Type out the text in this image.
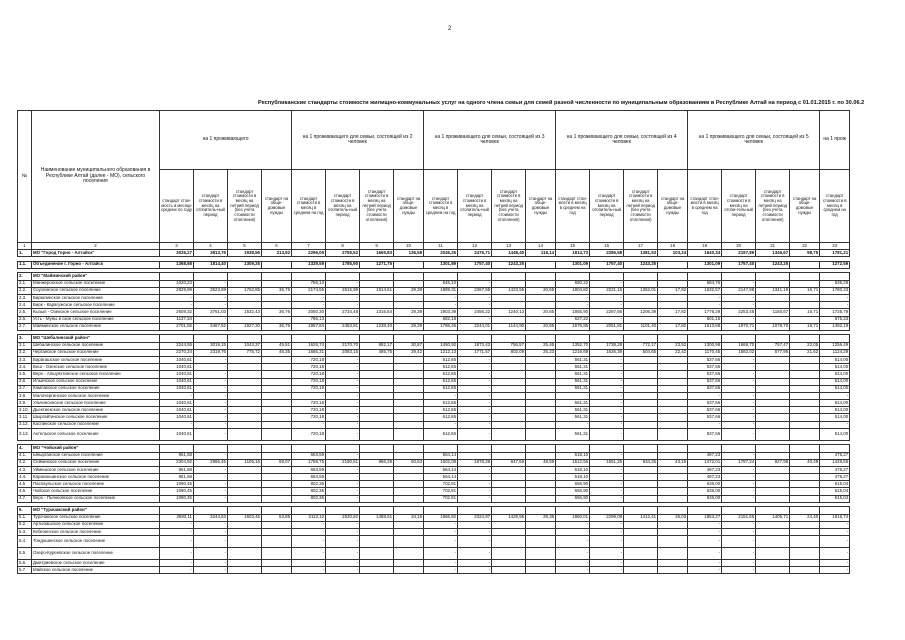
2
Республиканские стандарты стоимости жилищно-коммунальных услуг на одного члена семьи для семей разной численности по муниципальным образованиям в Республике Алтай на период с 01.01.2015 г. по 30.06.2
№	Наименование муниципального образования в Республике Алтай (далее - МО), сельского поселения	на 1 проживающего				на 1 проживающего для семьи, состоящей из 2 человек				на 1 проживающего для семьи, состоящей из 3 человек				на 1 проживающего для семьи, состоящей из 4 человек				на 1 проживающего для семьи, состоящей из 5 человек				на 1 прож
		стандарт стои-мость в месяце средних по году	стандарт стоимости в месяц на отопитель-ный период	стандарт стоимости в месяц на летний период (без учета стоимости отопления)	стандарт на обще-домовые нужды	стандарт стоимости в месяц в среднем на год	стандарт стоимости в месяц на отопитель-ный период	стандарт стоимости в месяц на летний период (без учета стоимости отопления)	стандарт на обще-домовые нужды	стандарт стоимости в месяц в среднем на год	стандарт стоимости в месяц на отопитель-ный период	стандарт стоимости в месяц на летний период (без учета стоимости отопления)	стандарт на обще-домовые нужды	стандарт стои-мости в месяц в среднем на год	стандарт стоимости в месяц на отопитель-ный период	стандарт стоимости в месяц на летний период (без учета стоимости отопления)	стандарт на обще-домовые нужды	стандарт стои-мости в месяц в среднем на год	стандарт стоимости в месяц на отопи-тельный период	стандарт стоимости в месяц на летний период (без учета стоимости отопления)	стандарт на обще-домовые нужды	стандарт стоимости в месяц в среднем на год
1	2	3	4	5	6	7	8	9	10	11	12	13	14	15	16	17	18	19	20	21	22	23
1.	МО "Город Горно - Алтайск"	3026,27	3813,76	1938,56	213,92	2296,05	2755,52	1665,83	136,58	2046,25	2476,71	1448,40	116,14	1814,73	2285,58	1381,53	103,24	1640,34	2197,89	1346,67	98,75	1781,21

1.1.	Объединение г. Горно - Алтайск	1368,68	1814,40	1309,25		1329,59	1785,90	1271,75		1301,89	1757,40	1243,25		1301,09	1757,40	1243,25		1301,09	1757,40	1243,25		1272,59

2.	МО "Майминский район"																					
2.1.	Манжерокское сельское поселение	1020,23	-			756,13	-			645,10	-			580,22	-			584,76	-			536,29
2.2.	Соузгинское сельское поселение	2829,99	3523,69	1762,85	36,76	2174,55	2615,99	1514,61	29,39	1889,31	2367,65	1423,55	20,65	1804,82	2221,16	1362,01	17,82	1632,57	2147,88	1341,19	16,71	1780,33
2.3.	Бирюлинское сельское поселение	-	-			-	-			-	-			-	-			-	-			-
2.4.	Бирк - Карагужское сельское поселение	-	-			-	-			-	-			-	-			-	-			-
2.5.	Кызыл - Озекское сельское поселение	2608,32	3761,03	1532,43	36,76	2050,30	2734,48	1316,64	29,39	1903,39	2456,22	1240,13	20,65	1855,90	2287,66	1206,39	17,82	1776,29	2253,48	1150,67	16,71	1725,79
2.6.	Усть - Муны и ское сельское поселение	1137,34	-			796,13	-			682,18	-			627,22	-			601,16	-			575,33
2.7.	Майминское сельское поселение	2701,55	3467,52	1927,30	36,76	1967,84	2483,81	1238,40	29,39	1786,46	2244,01	1144,90	20,65	1679,86	2061,81	1101,40	17,82	1613,68	1970,71	1079,70	16,71	1492,19

3.	МО "Шебалинский район"																					
3.1.	Шебалинское сельское поселение	2244,55	3019,15	1043,37	45,51	1626,74	2170,70	882,17	30,87	1450,92	1873,43	756,57	25,46	1352,70	1738,28	772,17	23,52	1300,98	1669,70	757,47	22,05	1256,49
3.2.	Черганское сельское поселение	2270,24	2319,76	775,72	46,35	1686,31	2083,15	485,75	29,42	1212,13	1771,57	802,09	25,23	1216,69	1626,39	504,65	22,42	1170,45	1582,02	577,95	21,62	1124,29
3.3.	Барагашское сельское поселение	1040,61	-			720,18	-			612,65	-			561,31	-			537,66	-			514,00
3.4.	Беш - Озекское сельское поселение	1040,61	-			720,18	-			612,65	-			561,31	-			537,66	-			514,00
3.5.	Верх - Апшуяхтинское сельское поселение	1040,61	-			720,18	-			612,65	-			561,31	-			537,66	-			514,00
3.6.	Ильинское сельское поселение	1040,61	-			720,18	-			612,65	-			561,31	-			537,66	-			514,00
3.7.	Камлакское сельское поселение	1040,61	-			720,18	-			612,65	-			561,31	-			537,66	-			514,00
3.8.	Малочергинское сельское поселение	-	-			-	-			-	-			-	-			-	-			-
3.9.	Ульчинсинское сельское поселение	1040,61	-			720,18	-			612,65	-			561,31	-			537,66	-			514,00
3.10.	Дьектиекское сельское поселение	1040,61	-			720,18	-			612,65	-			561,31	-			537,66	-			514,00
3.11.	Шыргайтинское сельское поселение	1040,61	-			720,18	-			612,65	-			561,31	-			537,66	-			514,00
3.12.	Каспинское сельское поселение	-	-			-	-			-	-			-	-			-	-			-
3.13.	Актельское сельское поселение	1040,61	-			720,18	-			612,65	-			561,31	-			537,66	-			514,00

4.	МО "Чойский район"																					
4.1.	Ынырганское сельское поселение	951,68	-			663,59	-			564,14	-			518,10	-			497,23	-			475,27
4.2.	Сейкинское сельское поселение	2304,92	2986,45	1105,16	59,07	1759,75	2190,61	986,29	50,63	1602,08	1878,28	947,69	48,59	1512,56	1651,25	934,26	43,19	1472,01	1787,24	927,98	40,49	1429,55
4.3.	Уймешское сельское поселение	951,68	-			663,59	-			564,14	-			518,10	-			497,23	-			475,27
4.4.	Каракокшинское сельское поселение	951,68	-			663,59	-			564,14	-			518,10	-			497,23	-			475,27
4.5.	Паспаульское сельское поселение	1090,45	-			802,36	-			702,91	-			656,90	-			636,00	-			615,04
4.6.	Чойское сельское поселение	1090,45	-			802,36	-			702,91	-			656,90	-			636,00	-			615,04
4.7.	Верх - Пьянковское сельское поселение	1090,45	-			802,36	-			702,91	-			656,90	-			636,00	-			615,04

5.	МО "Турачакский район"																					
5.1.	Турочакское сельское поселение	2583,11	3244,53	1603,45	53,85	2113,10	2530,82	1488,51	34,16	1966,82	2324,97	1429,55	29,38	1860,01	2299,08	1412,41	26,03	1853,27	2151,65	1405,71	24,40	1816,74
5.2.	Артыбашское сельское поселение	-	-			-	-			-	-			-	-			-	-			-
5.3.	Кебезенское сельское поселение	-	-			-	-			-	-			-	-			-	-			-
5.4.	Тондошенское сельское поселение	-	-			-	-			-	-			-	-			-	-			-
5.5.	Озеро-Куреевское сельское поселение	-	-			-	-			-	-			-	-			-	-			-
5.6.	Дмитриевское сельское поселение	-	-			-	-			-	-			-	-			-	-			-
5.7.	Майское сельское поселение	-	-			-	-			-	-			-	-			-	-			-
